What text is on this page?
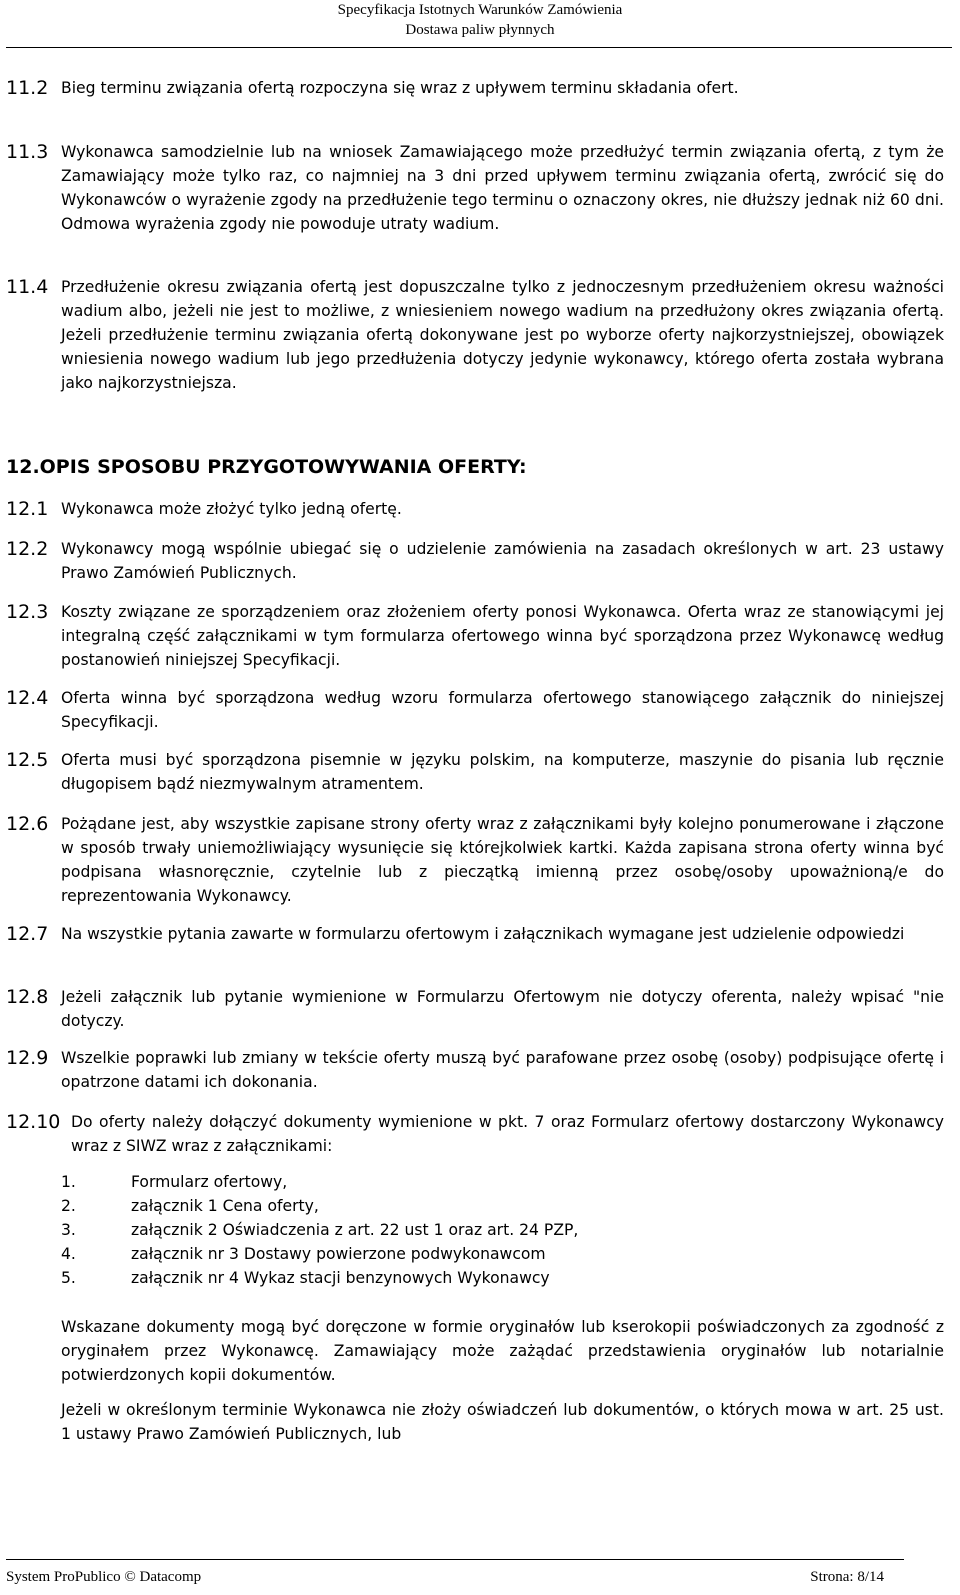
Specyfikacja Istotnych Warunków Zamówienia
Dostawa paliw płynnych
11.2 Bieg terminu związania ofertą rozpoczyna się wraz z upływem terminu składania ofert.
11.3 Wykonawca samodzielnie lub na wniosek Zamawiającego może przedłużyć termin związania ofertą, z tym że Zamawiający może tylko raz, co najmniej na 3 dni przed upływem terminu związania ofertą, zwrócić się do Wykonawców o wyrażenie zgody na przedłużenie tego terminu o oznaczony okres, nie dłuższy jednak niż 60 dni. Odmowa wyrażenia zgody nie powoduje utraty wadium.
11.4 Przedłużenie okresu związania ofertą jest dopuszczalne tylko z jednoczesnym przedłużeniem okresu ważności wadium albo, jeżeli nie jest to możliwe, z wniesieniem nowego wadium na przedłużony okres związania ofertą. Jeżeli przedłużenie terminu związania ofertą dokonywane jest po wyborze oferty najkorzystniejszej, obowiązek wniesienia nowego wadium lub jego przedłużenia dotyczy jedynie wykonawcy, którego oferta została wybrana jako najkorzystniejsza.
12.OPIS SPOSOBU PRZYGOTOWYWANIA OFERTY:
12.1 Wykonawca może złożyć tylko jedną ofertę.
12.2 Wykonawcy mogą wspólnie ubiegać się o udzielenie zamówienia na zasadach określonych w art. 23 ustawy Prawo Zamówień Publicznych.
12.3 Koszty związane ze sporządzeniem oraz złożeniem oferty ponosi Wykonawca. Oferta wraz ze stanowiącymi jej integralną część załącznikami w tym formularza ofertowego winna być sporządzona przez Wykonawcę według postanowień niniejszej Specyfikacji.
12.4 Oferta winna być sporządzona według wzoru formularza ofertowego stanowiącego załącznik do niniejszej Specyfikacji.
12.5 Oferta musi być sporządzona pisemnie w języku polskim, na komputerze, maszynie do pisania lub ręcznie długopisem bądź niezmywalnym atramentem.
12.6 Pożądane jest, aby wszystkie zapisane strony oferty wraz z załącznikami były kolejno ponumerowane i złączone w sposób trwały uniemożliwiający wysunięcie się którejkolwiek kartki. Każda zapisana strona oferty winna być podpisana własnoręcznie, czytelnie lub z pieczątką imienną przez osobę/osoby upoważnioną/e do reprezentowania Wykonawcy.
12.7 Na wszystkie pytania zawarte w formularzu ofertowym i załącznikach wymagane jest udzielenie odpowiedzi
12.8 Jeżeli załącznik lub pytanie wymienione w Formularzu Ofertowym nie dotyczy oferenta, należy wpisać "nie dotyczy.
12.9 Wszelkie poprawki lub zmiany w tekście oferty muszą być parafowane przez osobę (osoby) podpisujące ofertę i opatrzone datami ich dokonania.
12.10 Do oferty należy dołączyć dokumenty wymienione w pkt. 7 oraz Formularz ofertowy dostarczony Wykonawcy wraz z SIWZ wraz z załącznikami:
1.	Formularz ofertowy,
2.	załącznik 1 Cena oferty,
3.	załącznik 2 Oświadczenia z art. 22 ust 1 oraz art. 24 PZP,
4.	załącznik nr 3 Dostawy powierzone podwykonawcom
5.	załącznik nr 4 Wykaz stacji benzynowych Wykonawcy
Wskazane dokumenty mogą być doręczone w formie oryginałów lub kserokopii poświadczonych za zgodność z oryginałem przez Wykonawcę. Zamawiający może zażądać przedstawienia oryginałów lub notarialnie potwierdzonych kopii dokumentów.
Jeżeli w określonym terminie Wykonawca nie złoży oświadczeń lub dokumentów, o których mowa w art. 25 ust. 1 ustawy Prawo Zamówień Publicznych, lub
System ProPublico © Datacomp	Strona: 8/14
